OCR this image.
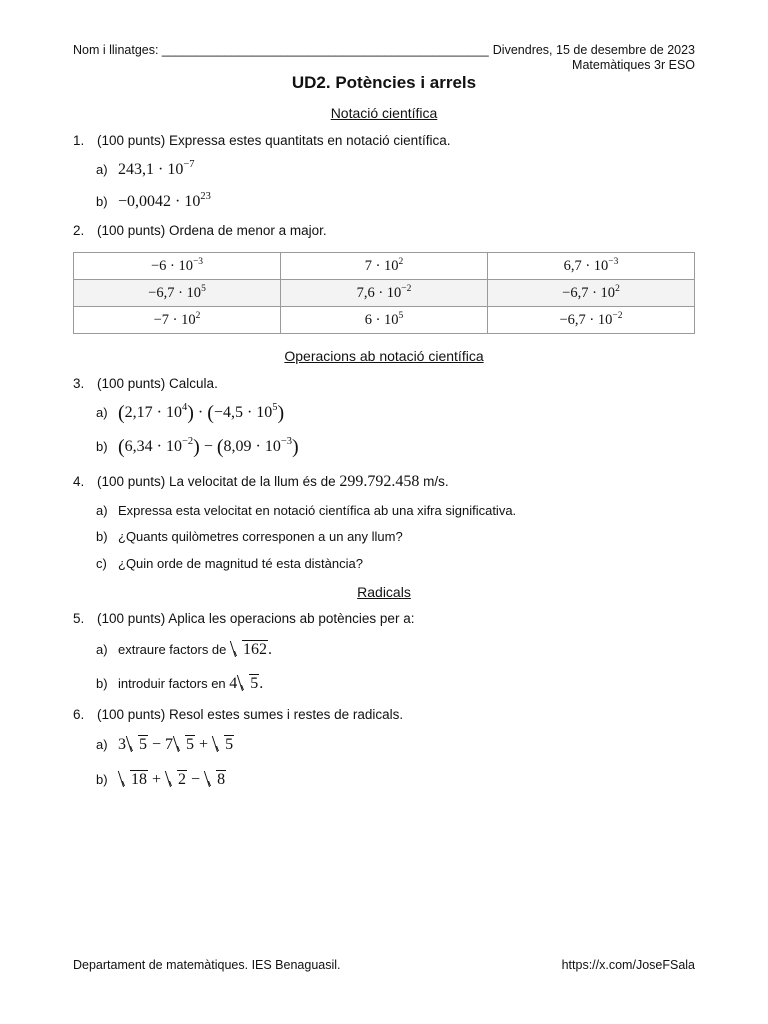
Nom i llinatges: _______________________________________________ Divendres, 15 de desembre de 2023
Matemàtiques 3r ESO
UD2. Potències i arrels
Notació científica
1. (100 punts) Expressa estes quantitats en notació científica.
a) $243,1 \cdot 10^{-7}$
$b) -0,0042 \cdot 10^{23}$
2. (100 punts) Ordena de menor a major.
$-6 \cdot 10^{-3}$	$7 \cdot 10^2$	$6,7 \cdot 10^{-3}$
$-6,7 \cdot 10^5$	$7,6 \cdot 10^{-2}$	$-6,7 \cdot 10^2$
$-7 \cdot 10^2$	$6 \cdot 10^5$	$-6,7 \cdot 10^{-2}$
Operacions ab notació científica
3. (100 punts) Calcula.
a) $(2,17 \cdot 10^4) \cdot (-4,5 \cdot 10^5)$
b) $(6,34 \cdot 10^{-2}) - (8,09 \cdot 10^{-3})$
4. (100 punts) La velocitat de la llum és de 299.792.458 m/s.
a) Expressa esta velocitat en notació científica ab una xifra significativa.
b) ¿Quants quilòmetres corresponen a un any llum?
c) ¿Quin orde de magnitud té esta distància?
Radicals
5. (100 punts) Aplica les operacions ab potències per a:
a) extraure factors de 162.
b) introduir factors en 4 5.
6. (100 punts) Resol estes sumes i restes de radicals.
a) 3 5 − 7 5 + 5
b) 18 + 2 − 8
Departament de matemàtiques. IES Benaguasil.	https://x.com/JoseFSala
